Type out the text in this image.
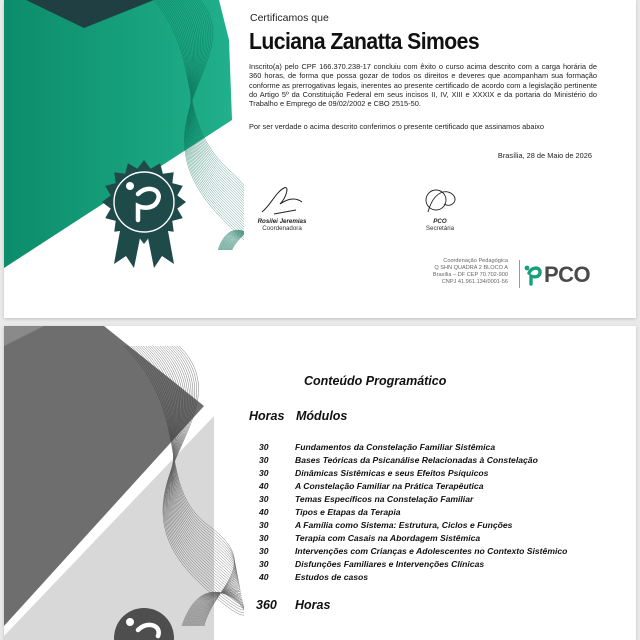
Certificamos que
Luciana Zanatta Simoes

Inscrito(a) pelo CPF 166.370.238-17 concluiu com êxito o curso acima descrito com a carga horária de 360 horas, de forma que possa gozar de todos os direitos e deveres que acompanham sua formação conforme as prerrogativas legais, inerentes ao presente certificado de acordo com a legislação pertinente do Artigo 5º da Constituição Federal em seus incisos II, IV, XIII e XXXIX e da portaria do Ministério do Trabalho e Emprego de 09/02/2002 e CBO 2515-50.

Por ser verdade o acima descrito conferimos o presente certificado que assinamos abaixo

Brasília, 28 de Maio de 2026
Rosilei Jeremias
Coordenadora
PCO
Secretária
Coordenação Pedagógica
Q SHN QUADRA 2 BLOCO A
Brasília – DF CEP 70.702-900
CNPJ 41.961.134/0001-56 PCO
Conteúdo Programático
Horas Módulos
30	Fundamentos da Constelação Familiar Sistêmica
30	Bases Teóricas da Psicanálise Relacionadas à Constelação
30	Dinâmicas Sistêmicas e seus Efeitos Psíquicos
40	A Constelação Familiar na Prática Terapêutica
30	Temas Específicos na Constelação Familiar
40	Tipos e Etapas da Terapia
30	A Família como Sistema: Estrutura, Ciclos e Funções
30	Terapia com Casais na Abordagem Sistêmica
30	Intervenções com Crianças e Adolescentes no Contexto Sistêmico
30	Disfunções Familiares e Intervenções Clínicas
40	Estudos de casos
360	Horas
